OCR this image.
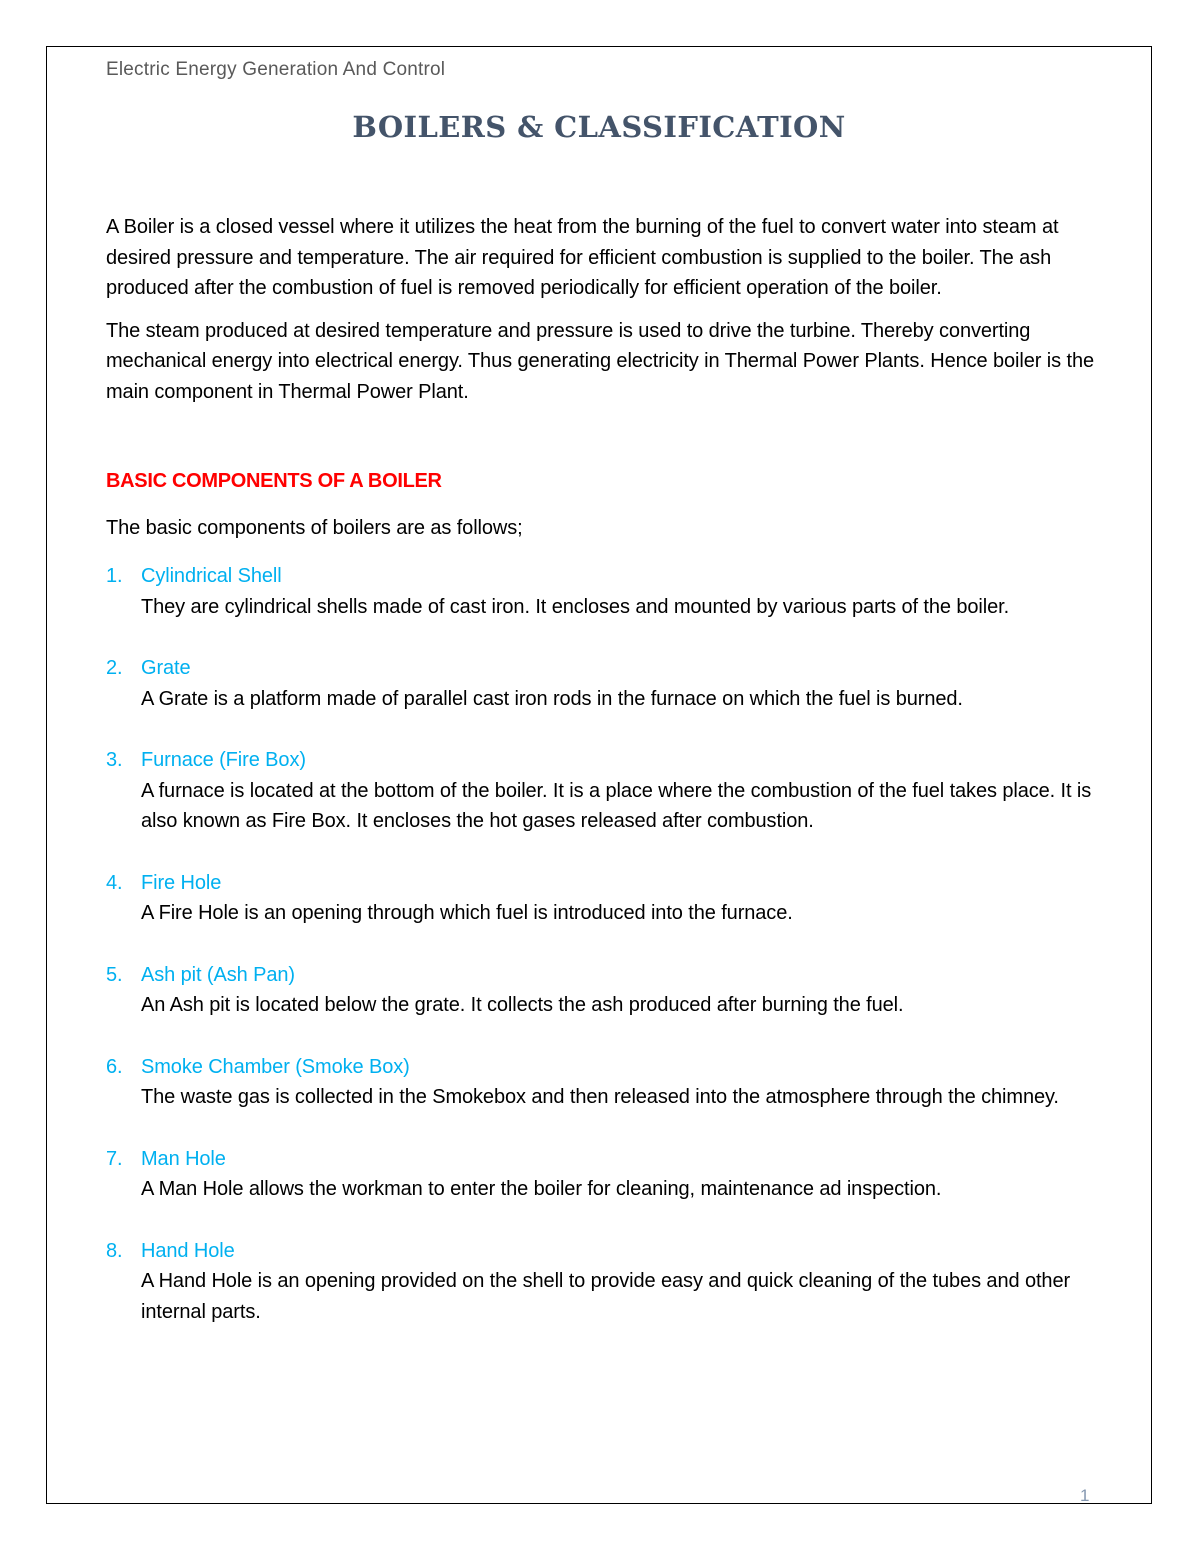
Electric Energy Generation And Control
BOILERS & CLASSIFICATION

A Boiler is a closed vessel where it utilizes the heat from the burning of the fuel to convert water into steam at desired pressure and temperature. The air required for efficient combustion is supplied to the boiler. The ash produced after the combustion of fuel is removed periodically for efficient operation of the boiler.

The steam produced at desired temperature and pressure is used to drive the turbine. Thereby converting mechanical energy into electrical energy. Thus generating electricity in Thermal Power Plants. Hence boiler is the main component in Thermal Power Plant.

BASIC COMPONENTS OF A BOILER

The basic components of boilers are as follows;

1. Cylindrical Shell
They are cylindrical shells made of cast iron. It encloses and mounted by various parts of the boiler.
2. Grate
A Grate is a platform made of parallel cast iron rods in the furnace on which the fuel is burned.
3. Furnace (Fire Box)
A furnace is located at the bottom of the boiler. It is a place where the combustion of the fuel takes place. It is also known as Fire Box. It encloses the hot gases released after combustion.
4. Fire Hole
A Fire Hole is an opening through which fuel is introduced into the furnace.
5. Ash pit (Ash Pan)
An Ash pit is located below the grate. It collects the ash produced after burning the fuel.
6. Smoke Chamber (Smoke Box)
The waste gas is collected in the Smokebox and then released into the atmosphere through the chimney.
7. Man Hole
A Man Hole allows the workman to enter the boiler for cleaning, maintenance ad inspection.
8. Hand Hole
A Hand Hole is an opening provided on the shell to provide easy and quick cleaning of the tubes and other internal parts.
1
